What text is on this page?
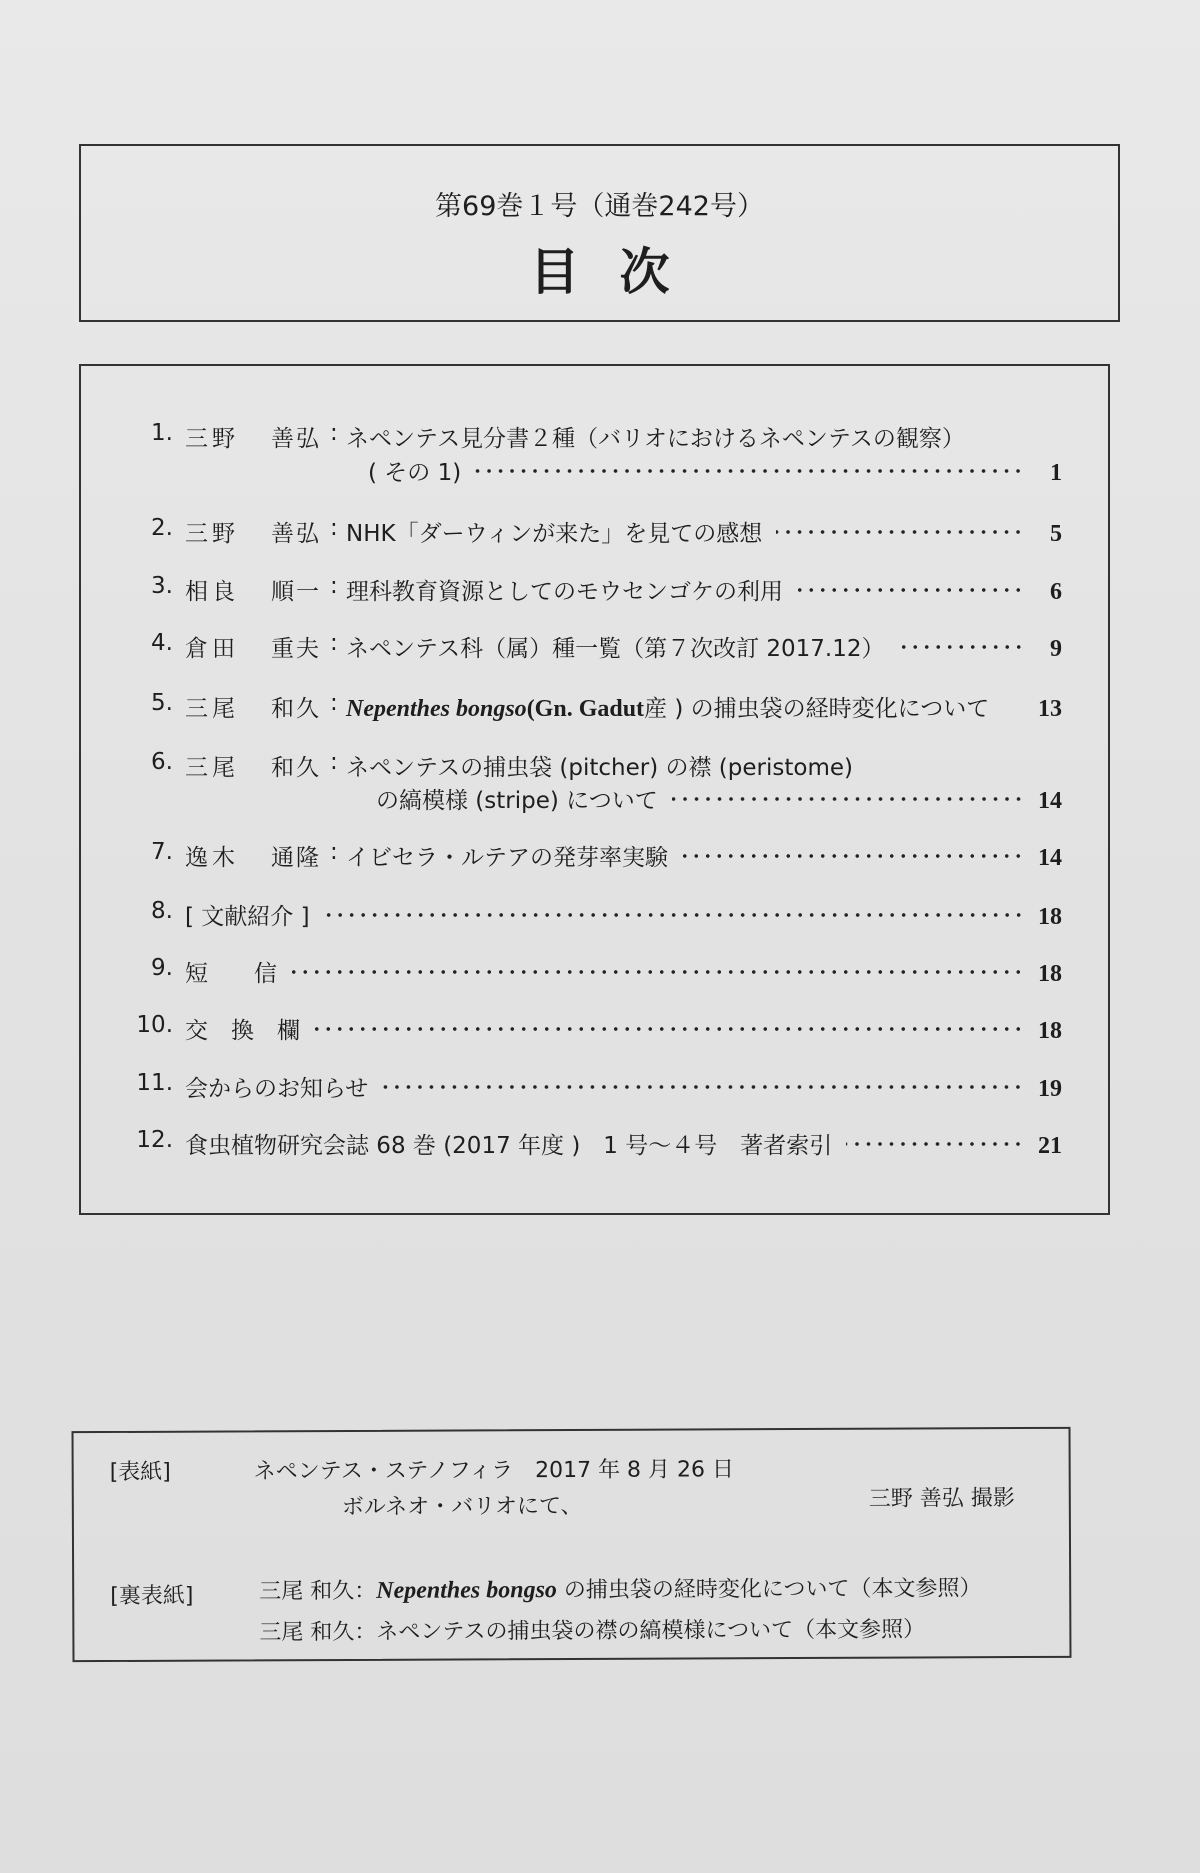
第69巻１号（通巻242号）
目次
1. 三野 善弘 : ネペンテス見分書２種（バリオにおけるネペンテスの観察）
( その 1)	1
2. 三野 善弘 : NHK「ダーウィンが来た」を見ての感想	5
3. 相良 順一 : 理科教育資源としてのモウセンゴケの利用	6
4. 倉田 重夫 : ネペンテス科（属）種一覧（第７次改訂 2017.12）	9
5. 三尾 和久 : Nepenthes bongso (Gn. Gadut 産 ) の捕虫袋の経時変化について 13
6. 三尾 和久 : ネペンテスの捕虫袋 (pitcher) の襟 (peristome)
の縞模様 (stripe) について	14
7. 逸木 通隆 : イビセラ・ルテアの発芽率実験	14
8. [ 文献紹介 ]	18
9. 短　　信	18
10. 交　換　欄	18
11. 会からのお知らせ	19
12. 食虫植物研究会誌 68 巻 (2017 年度 )　1 号～４号　著者索引	21
[表紙]	ネペンテス・ステノフィラ　2017 年 8 月 26 日
ボルネオ・バリオにて、	三野 善弘 撮影
[裏表紙]	三尾 和久：Nepenthes bongso の捕虫袋の経時変化について（本文参照）
三尾 和久：ネペンテスの捕虫袋の襟の縞模様について（本文参照）
